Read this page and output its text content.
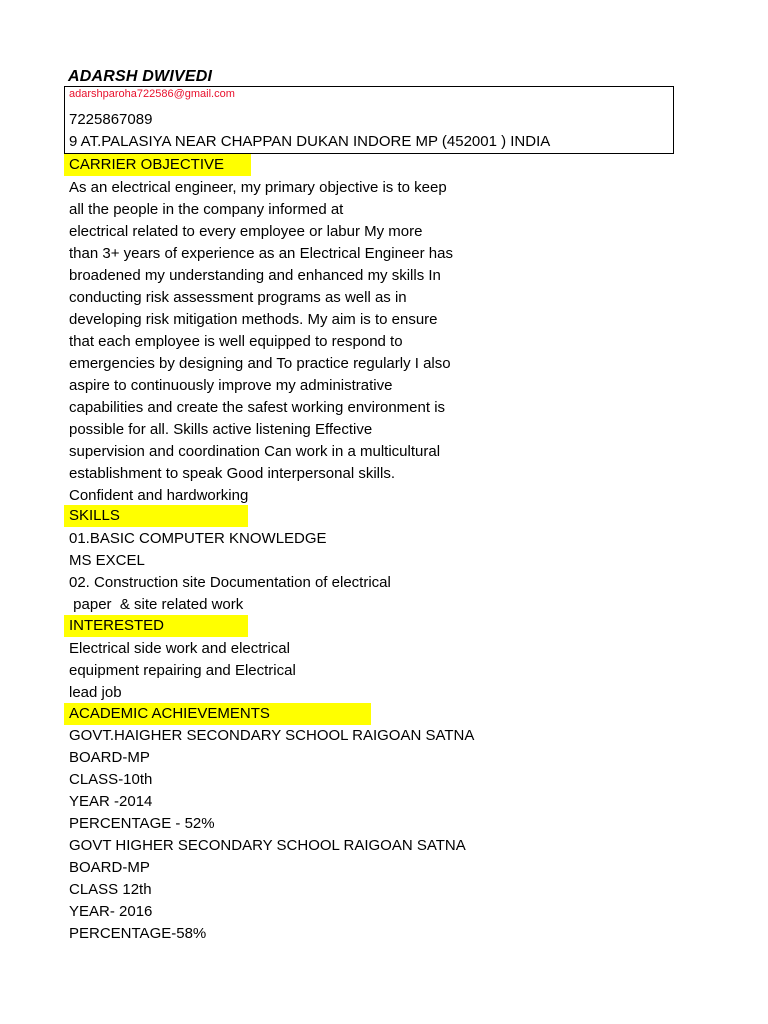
ADARSH DWIVEDI
adarshparoha722586@gmail.com
7225867089
9 AT.PALASIYA NEAR CHAPPAN DUKAN INDORE MP (452001 ) INDIA
CARRIER OBJECTIVE
As an electrical engineer, my primary objective is to keep
all the people in the company informed at
electrical related to every employee or labur My more
than 3+ years of experience as an Electrical Engineer has
broadened my understanding and enhanced my skills In
conducting risk assessment programs as well as in
developing risk mitigation methods. My aim is to ensure
that each employee is well equipped to respond to
emergencies by designing and To practice regularly I also
aspire to continuously improve my administrative
capabilities and create the safest working environment is
possible for all. Skills active listening Effective
supervision and coordination Can work in a multicultural
establishment to speak Good interpersonal skills.
Confident and hardworking
SKILLS
01.BASIC COMPUTER KNOWLEDGE
MS EXCEL
02. Construction site Documentation of electrical
paper  & site related work
INTERESTED
Electrical side work and electrical
equipment repairing and Electrical
lead job
ACADEMIC ACHIEVEMENTS
GOVT.HAIGHER SECONDARY SCHOOL RAIGOAN SATNA
BOARD-MP
CLASS-10th
YEAR -2014
PERCENTAGE - 52%
GOVT HIGHER SECONDARY SCHOOL RAIGOAN SATNA
BOARD-MP
CLASS 12th
YEAR- 2016
PERCENTAGE-58%
